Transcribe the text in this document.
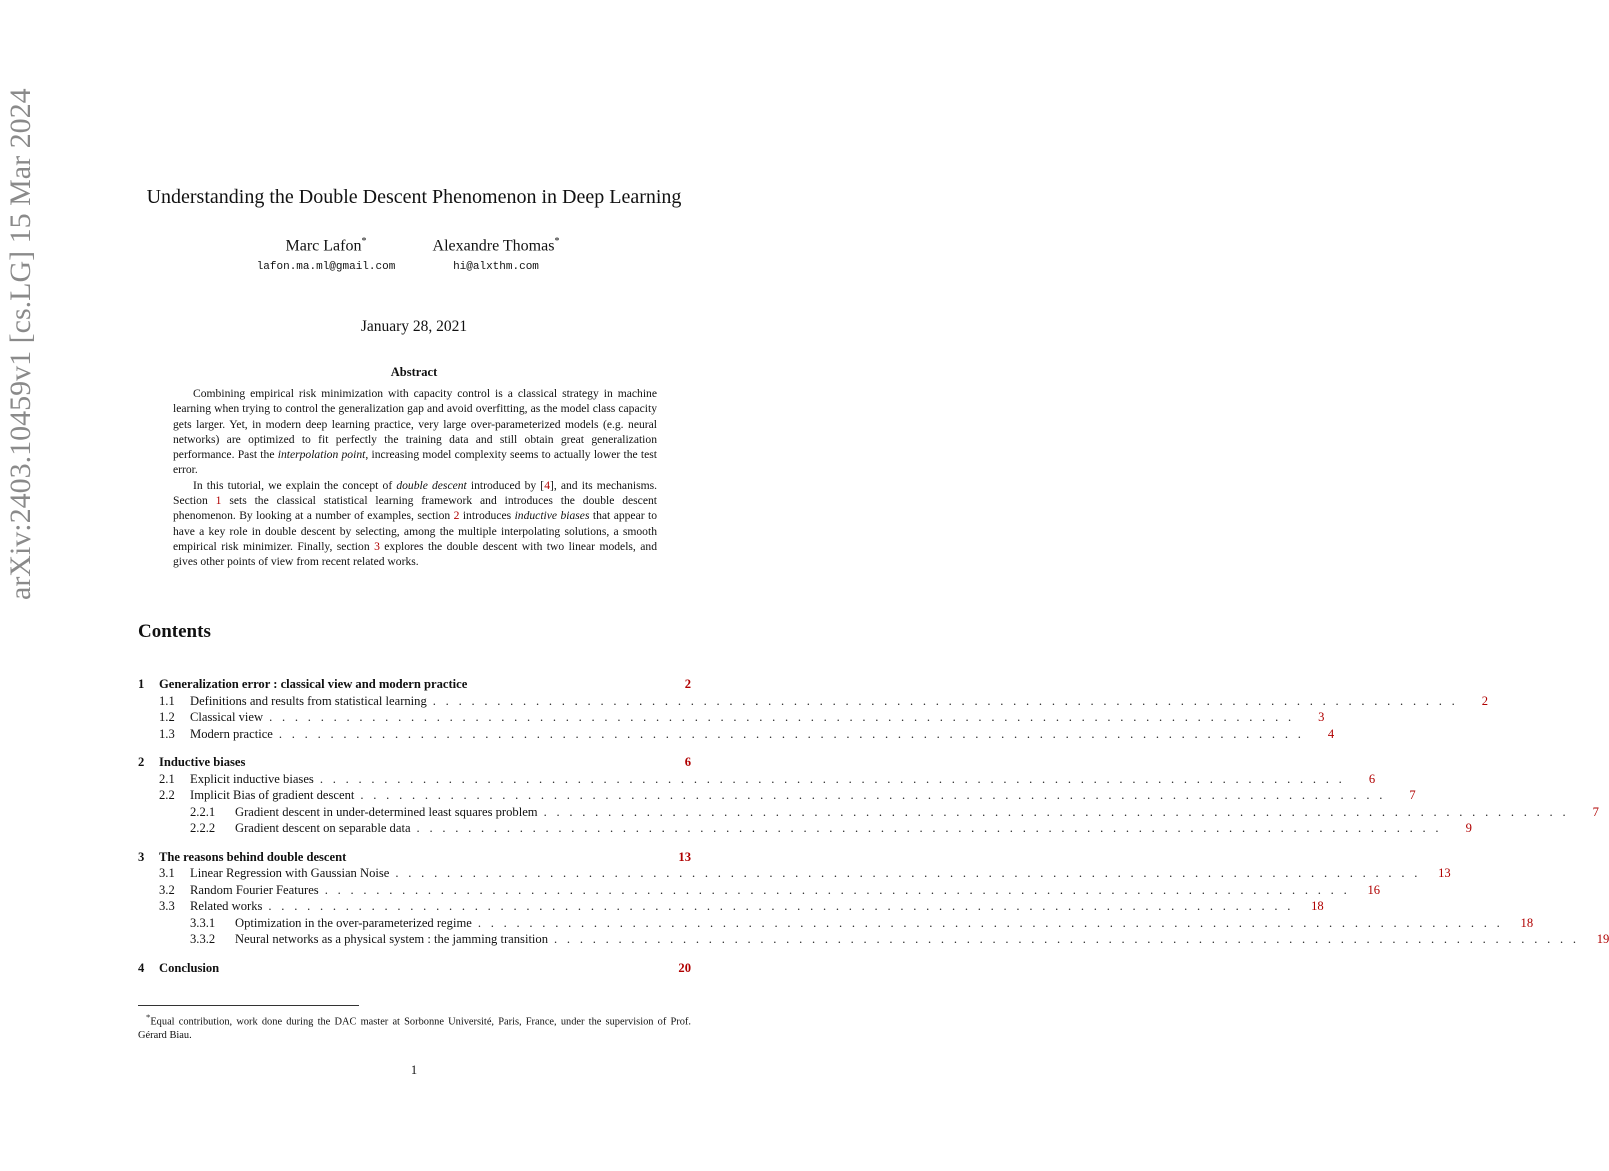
arXiv:2403.10459v1 [cs.LG] 15 Mar 2024	Understanding the Double Descent Phenomenon in Deep Learning
Marc Lafon*
lafon.ma.ml@gmail.com
Alexandre Thomas*
hi@alxthm.com
January 28, 2021
Abstract

Combining empirical risk minimization with capacity control is a classical strategy in machine learning when trying to control the generalization gap and avoid overfitting, as the model class capacity gets larger. Yet, in modern deep learning practice, very large over-parameterized models (e.g. neural networks) are optimized to fit perfectly the training data and still obtain great generalization performance. Past the interpolation point, increasing model complexity seems to actually lower the test error.

In this tutorial, we explain the concept of double descent introduced by [4], and its mechanisms. Section 1 sets the classical statistical learning framework and introduces the double descent phenomenon. By looking at a number of examples, section 2 introduces inductive biases that appear to have a key role in double descent by selecting, among the multiple interpolating solutions, a smooth empirical risk minimizer. Finally, section 3 explores the double descent with two linear models, and gives other points of view from recent related works.

Contents
1	Generalization error : classical view and modern practice	2
1.1	Definitions and results from statistical learning . . . . . . . . . . . . . . . . . . . . . . . . . . . . . . . . . . . . . . . . . . . . . . . . . . . . . . . . . . . . . . . . . . . . . . . . . . . . . . . .	2
1.2	Classical view . . . . . . . . . . . . . . . . . . . . . . . . . . . . . . . . . . . . . . . . . . . . . . . . . . . . . . . . . . . . . . . . . . . . . . . . . . . . . . . .	3
1.3	Modern practice . . . . . . . . . . . . . . . . . . . . . . . . . . . . . . . . . . . . . . . . . . . . . . . . . . . . . . . . . . . . . . . . . . . . . . . . . . . . . . . .	4
2	Inductive biases	6
2.1	Explicit inductive biases . . . . . . . . . . . . . . . . . . . . . . . . . . . . . . . . . . . . . . . . . . . . . . . . . . . . . . . . . . . . . . . . . . . . . . . . . . . . . . . .	6
2.2	Implicit Bias of gradient descent . . . . . . . . . . . . . . . . . . . . . . . . . . . . . . . . . . . . . . . . . . . . . . . . . . . . . . . . . . . . . . . . . . . . . . . . . . . . . . . .	7
2.2.1	Gradient descent in under-determined least squares problem . . . . . . . . . . . . . . . . . . . . . . . . . . . . . . . . . . . . . . . . . . . . . . . . . . . . . . . . . . . . . . . . . . . . . . . . . . . . . . . .	7
2.2.2	Gradient descent on separable data . . . . . . . . . . . . . . . . . . . . . . . . . . . . . . . . . . . . . . . . . . . . . . . . . . . . . . . . . . . . . . . . . . . . . . . . . . . . . . . .	9
3	The reasons behind double descent	13
3.1	Linear Regression with Gaussian Noise . . . . . . . . . . . . . . . . . . . . . . . . . . . . . . . . . . . . . . . . . . . . . . . . . . . . . . . . . . . . . . . . . . . . . . . . . . . . . . . .	13
3.2	Random Fourier Features . . . . . . . . . . . . . . . . . . . . . . . . . . . . . . . . . . . . . . . . . . . . . . . . . . . . . . . . . . . . . . . . . . . . . . . . . . . . . . . .	16
3.3	Related works . . . . . . . . . . . . . . . . . . . . . . . . . . . . . . . . . . . . . . . . . . . . . . . . . . . . . . . . . . . . . . . . . . . . . . . . . . . . . . . .	18
3.3.1	Optimization in the over-parameterized regime . . . . . . . . . . . . . . . . . . . . . . . . . . . . . . . . . . . . . . . . . . . . . . . . . . . . . . . . . . . . . . . . . . . . . . . . . . . . . . . .	18
3.3.2	Neural networks as a physical system : the jamming transition . . . . . . . . . . . . . . . . . . . . . . . . . . . . . . . . . . . . . . . . . . . . . . . . . . . . . . . . . . . . . . . . . . . . . . . . . . . . . . . .	19
4	Conclusion	20

*Equal contribution, work done during the DAC master at Sorbonne Université, Paris, France, under the supervision of Prof. Gérard Biau.

1
